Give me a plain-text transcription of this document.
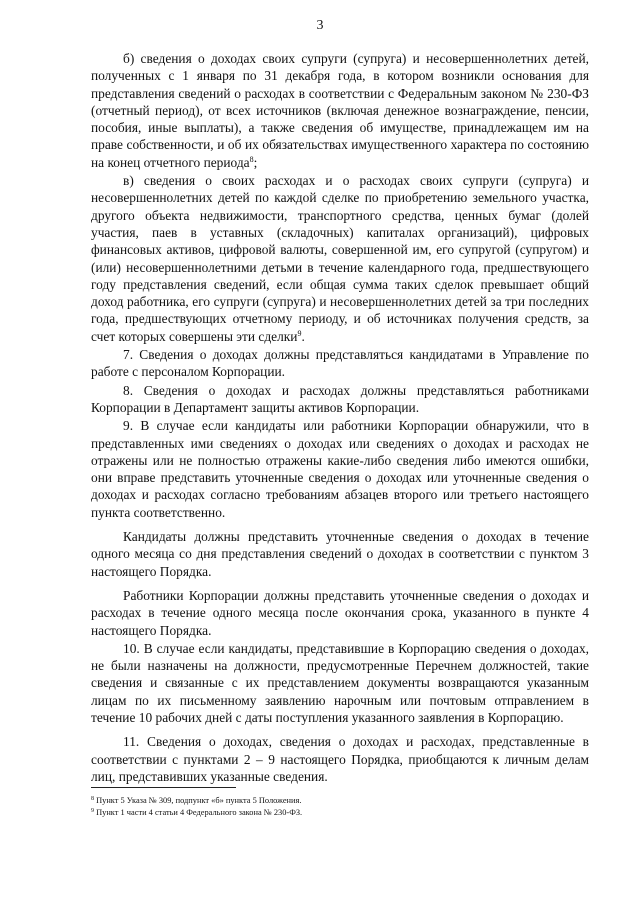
3

б) сведения о доходах своих супруги (супруга) и несовершеннолетних детей, полученных с 1 января по 31 декабря года, в котором возникли основания для представления сведений о расходах в соответствии с Федеральным законом № 230-ФЗ (отчетный период), от всех источников (включая денежное вознаграждение, пенсии, пособия, иные выплаты), а также сведения об имуществе, принадлежащем им на праве собственности, и об их обязательствах имущественного характера по состоянию на конец отчетного периода$^8$;

в) сведения о своих расходах и о расходах своих супруги (супруга) и несовершеннолетних детей по каждой сделке по приобретению земельного участка, другого объекта недвижимости, транспортного средства, ценных бумаг (долей участия, паев в уставных (складочных) капиталах организаций), цифровых финансовых активов, цифровой валюты, совершенной им, его супругой (супругом) и (или) несовершеннолетними детьми в течение календарного года, предшествующего году представления сведений, если общая сумма таких сделок превышает общий доход работника, его супруги (супруга) и несовершеннолетних детей за три последних года, предшествующих отчетному периоду, и об источниках получения средств, за счет которых совершены эти сделки$^9$.

7. Сведения о доходах должны представляться кандидатами в Управление по работе с персоналом Корпорации.

8. Сведения о доходах и расходах должны представляться работниками Корпорации в Департамент защиты активов Корпорации.

9. В случае если кандидаты или работники Корпорации обнаружили, что в представленных ими сведениях о доходах или сведениях о доходах и расходах не отражены или не полностью отражены какие-либо сведения либо имеются ошибки, они вправе представить уточненные сведения о доходах или уточненные сведения о доходах и расходах согласно требованиям абзацев второго или третьего настоящего пункта соответственно.

Кандидаты должны представить уточненные сведения о доходах в течение одного месяца со дня представления сведений о доходах в соответствии с пунктом 3 настоящего Порядка.

Работники Корпорации должны представить уточненные сведения о доходах и расходах в течение одного месяца после окончания срока, указанного в пункте 4 настоящего Порядка.

10. В случае если кандидаты, представившие в Корпорацию сведения о доходах, не были назначены на должности, предусмотренные Перечнем должностей, такие сведения и связанные с их представлением документы возвращаются указанным лицам по их письменному заявлению нарочным или почтовым отправлением в течение 10 рабочих дней с даты поступления указанного заявления в Корпорацию.

11. Сведения о доходах, сведения о доходах и расходах, представленные в соответствии с пунктами 2 – 9 настоящего Порядка, приобщаются к личным делам лиц, представивших указанные сведения.

$^8$ Пункт 5 Указа № 309, подпункт «б» пункта 5 Положения.

$^9$ Пункт 1 части 4 статьи 4 Федерального закона № 230-ФЗ.
